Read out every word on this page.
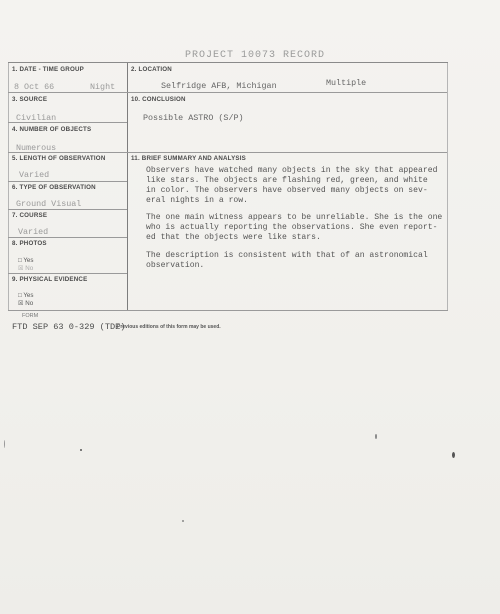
PROJECT 10073 RECORD
1. DATE - TIME GROUP
8 Oct 66	Night
2. LOCATION
Selfridge AFB, Michigan	Multiple
3. SOURCE
Civilian
10. CONCLUSION
Possible ASTRO (S/P)
4. NUMBER OF OBJECTS
Numerous
5. LENGTH OF OBSERVATION
Varied
11. BRIEF SUMMARY AND ANALYSIS
Observers have watched many objects in the sky that appeared
like stars. The objects are flashing red, green, and white
in color. The observers have observed many objects on sev-
eral nights in a row.
The one main witness appears to be unreliable. She is the one
who is actually reporting the observations. She even report-
ed that the objects were like stars.
The description is consistent with that of an astronomical
observation.
6. TYPE OF OBSERVATION
Ground Visual
7. COURSE
Varied
8. PHOTOS
□ Yes
☒ No
9. PHYSICAL EVIDENCE
□ Yes
☒ No
FORM
FTD SEP 63 0-329 (TDE)
Previous editions of this form may be used.
